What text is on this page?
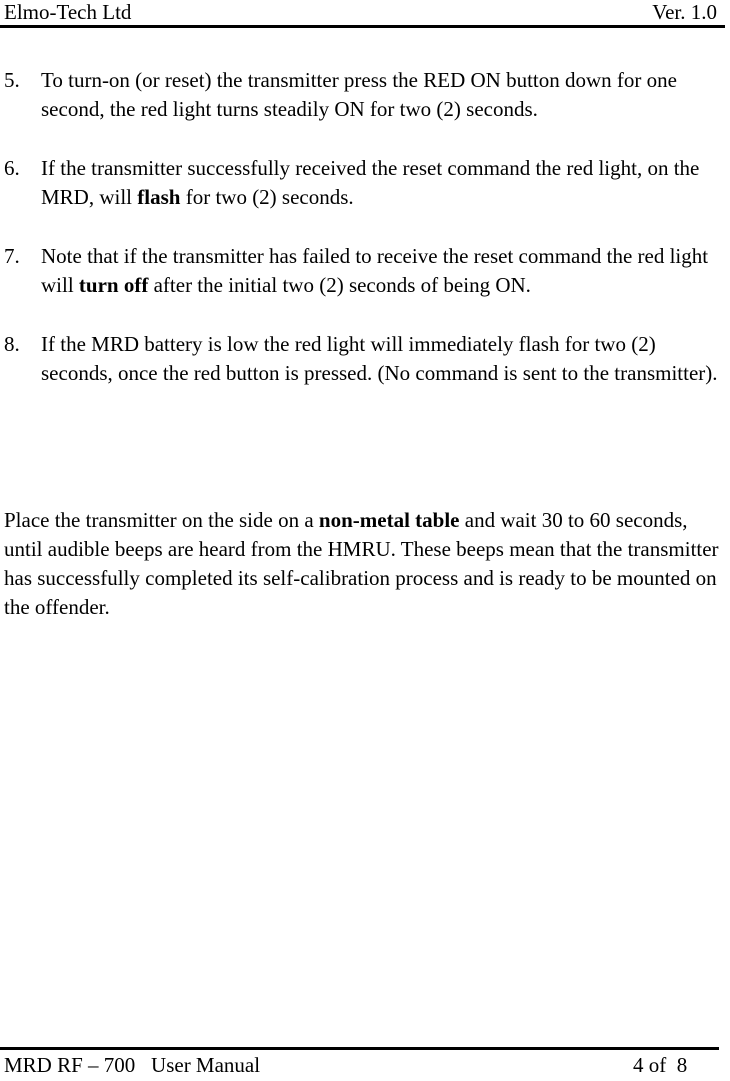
Elmo-Tech Ltd	Ver. 1.0
5. To turn-on (or reset) the transmitter press the RED ON button down for one second, the red light turns steadily ON for two (2) seconds.
6. If the transmitter successfully received the reset command the red light, on the MRD, will flash for two (2) seconds.
7. Note that if the transmitter has failed to receive the reset command the red light will turn off after the initial two (2) seconds of being ON.
8. If the MRD battery is low the red light will immediately flash for two (2) seconds, once the red button is pressed. (No command is sent to the transmitter).
Place the transmitter on the side on a non-metal table and wait 30 to 60 seconds, until audible beeps are heard from the HMRU. These beeps mean that the transmitter has successfully completed its self-calibration process and is ready to be mounted on the offender.
MRD RF – 700   User Manual	4 of  8
